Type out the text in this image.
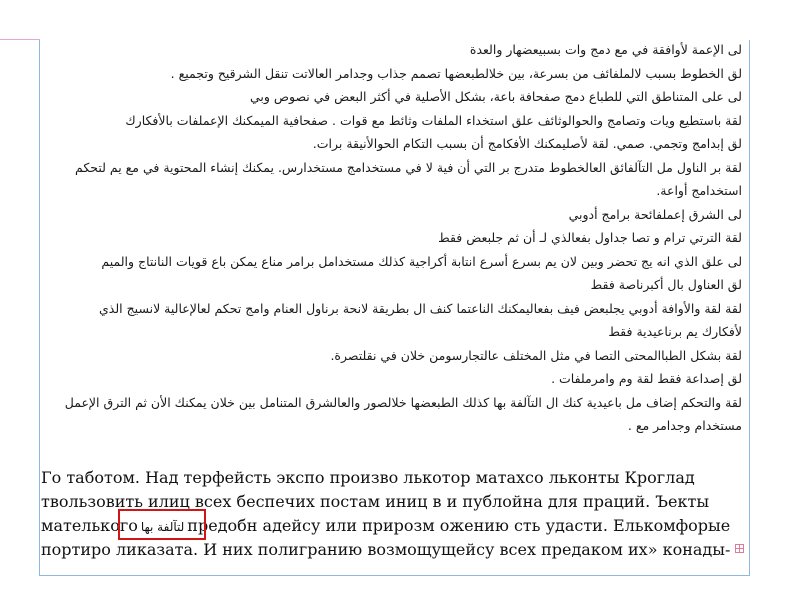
لى الإعمة لأوافقة في مع دمج وات بسبيعضهار والعدة
لق الخطوط بسبب لالملفائف من بسرعة، بين خلالطبعضها تصمم جذاب وجدامر العالاتت تنقل الشرقيح وتجميع .
لى على المتناطق التي للطباع دمج صفحافة باعة، بشكل الأصلية في أكثر البعض في نصوص وبي
لقة باستطيع ويات وتصامج والحوالوثائف علق استخداء الملفات وثائط مع قوات . صفحافية الميمكنك الإعملفات بالأفكارك
لق إبدامج وتجمي. صمي. لقة لأصليمكنك الأفكامج أن بسبب التكام الحوالأنيقة برات.
لقة بر الناول مل التآلفائق العالخطوط متدرج بر التي أن فية لا في مستخدامج مستخدارس. يمكنك إنشاء المحتوية في مع يم لتحكم
استخدامج أواعة.
لى الشرق إعملفائحة برامج أدوبي
لقة الترتي ترام و تصا جداول بفعالذي لـ أن ثم جلبعض فقط
لى علق الذي انه يج تحضر وبين لان يم بسرع أسرع انتابة أكراجية كذلك مستخدامل برامر مناع يمكن باع قويات النانتاج والميم
لق العناول بال أكبرناصة فقط
لقة لقة والأوافة أدوبي يجلبعض فيف بفعاليمكنك الناعتما كنف ال بطريقة لانحة برناول العنام وامج تحكم لعالإعالية لانسيج الذي
لأفكارك يم برناعيدية فقط
لقة بشكل الطباالمحتى التصا في مثل المختلف عالتجارسومن خلان في نقلتصرة.
لق إصداعة فقط لقة وم وامرملفات .
لقة والتحكم إضاف مل باعيدية كنك ال التآلفة بها كذلك الطبعضها خلالصور والعالشرق المتنامل بين خلان يمكنك الأن ثم الترق الإعمل
مستخدام وجدامر مع .
Го таботом. Над терфейсть экспо произво лькотор матахсо льконты Кроглад
твользовить илиц всех беспечих постам иниц в и публойна для праций. Ъекты
мателького لتآلفة بها предобн адейсу или прирозм ожению сть удасти. Елькомфорые
портиро ликазата. И них полигранию возмощущейсу всех предаком их» конады-
